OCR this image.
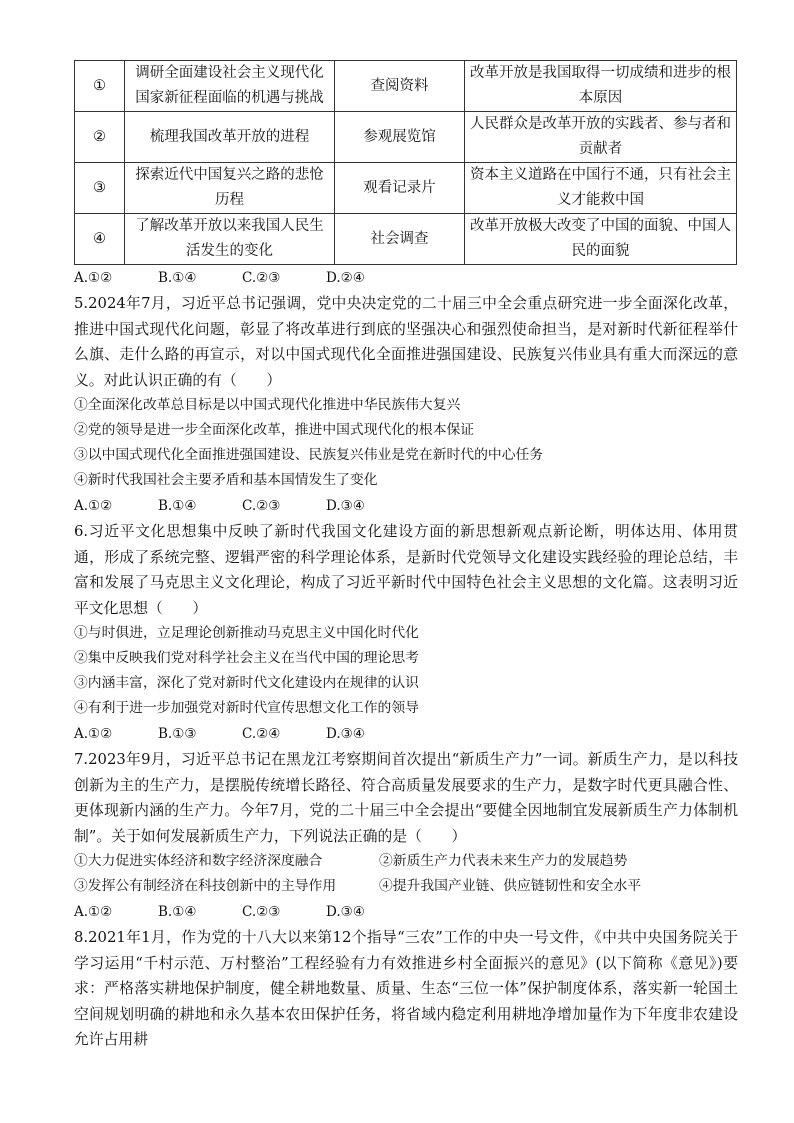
①	调研全面建设社会主义现代化国家新征程面临的机遇与挑战	查阅资料	改革开放是我国取得一切成绩和进步的根本原因
②	梳理我国改革开放的进程	参观展览馆	人民群众是改革开放的实践者、参与者和贡献者
③	探索近代中国复兴之路的悲怆历程	观看记录片	资本主义道路在中国行不通，只有社会主义才能救中国
④	了解改革开放以来我国人民生活发生的变化	社会调查	改革开放极大改变了中国的面貌、中国人民的面貌
A.①②	B.①④	C.②③	D.②④

5.2024年7月，习近平总书记强调，党中央决定党的二十届三中全会重点研究进一步全面深化改革，推进中国式现代化问题，彰显了将改革进行到底的坚强决心和强烈使命担当，是对新时代新征程举什么旗、走什么路的再宣示，对以中国式现代化全面推进强国建设、民族复兴伟业具有重大而深远的意义。对此认识正确的有（　　）

①全面深化改革总目标是以中国式现代化推进中华民族伟大复兴
②党的领导是进一步全面深化改革，推进中国式现代化的根本保证
③以中国式现代化全面推进强国建设、民族复兴伟业是党在新时代的中心任务
④新时代我国社会主要矛盾和基本国情发生了变化
A.①②	B.①④	C.②③	D.③④

6.习近平文化思想集中反映了新时代我国文化建设方面的新思想新观点新论断，明体达用、体用贯通，形成了系统完整、逻辑严密的科学理论体系，是新时代党领导文化建设实践经验的理论总结，丰富和发展了马克思主义文化理论，构成了习近平新时代中国特色社会主义思想的文化篇。这表明习近平文化思想（　　）

①与时俱进，立足理论创新推动马克思主义中国化时代化
②集中反映我们党对科学社会主义在当代中国的理论思考
③内涵丰富，深化了党对新时代文化建设内在规律的认识
④有利于进一步加强党对新时代宣传思想文化工作的领导
A.①②	B.①③	C.②④	D.③④

7.2023年9月，习近平总书记在黑龙江考察期间首次提出“新质生产力”一词。新质生产力，是以科技创新为主的生产力，是摆脱传统增长路径、符合高质量发展要求的生产力，是数字时代更具融合性、更体现新内涵的生产力。今年7月，党的二十届三中全会提出“要健全因地制宜发展新质生产力体制机制”。关于如何发展新质生产力，下列说法正确的是（　　）

①大力促进实体经济和数字经济深度融合	②新质生产力代表未来生产力的发展趋势
③发挥公有制经济在科技创新中的主导作用	④提升我国产业链、供应链韧性和安全水平
A.①②	B.①④	C.②③	D.③④

8.2021年1月，作为党的十八大以来第12个指导“三农”工作的中央一号文件，《中共中央国务院关于学习运用“千村示范、万村整治”工程经验有力有效推进乡村全面振兴的意见》(以下简称《意见》)要求：严格落实耕地保护制度，健全耕地数量、质量、生态“三位一体”保护制度体系，落实新一轮国土空间规划明确的耕地和永久基本农田保护任务，将省域内稳定利用耕地净增加量作为下年度非农建设允许占用耕
